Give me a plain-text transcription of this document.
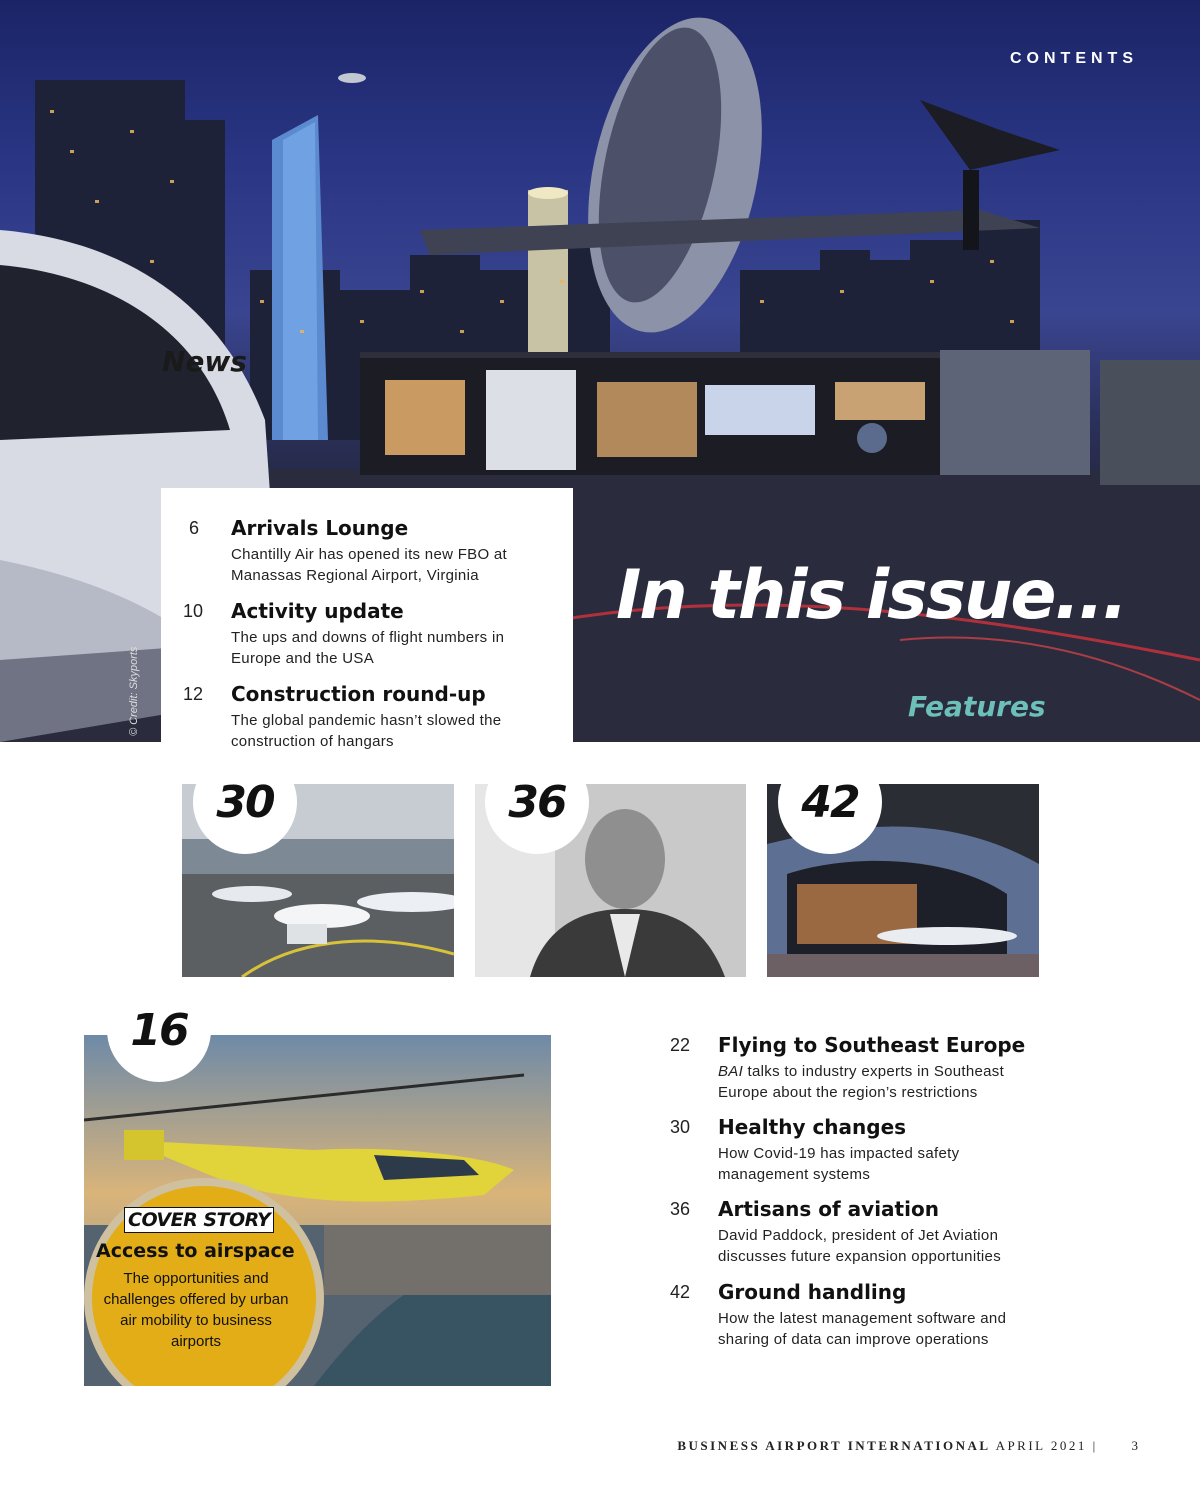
© Credit: Skyports
CONTENTS
News
In this issue...
Features
6 Arrivals Lounge
Chantilly Air has opened its new FBO at Manassas Regional Airport, Virginia
10 Activity update
The ups and downs of flight numbers in Europe and the USA
12 Construction round-up
The global pandemic hasn’t slowed the construction of hangars
30	36	42
16
COVER STORY
Access to airspace
The opportunities and challenges offered by urban air mobility to business airports
22 Flying to Southeast Europe
BAI talks to industry experts in Southeast Europe about the region’s restrictions
30 Healthy changes
How Covid-19 has impacted safety management systems
36 Artisans of aviation
David Paddock, president of Jet Aviation discusses future expansion opportunities
42 Ground handling
How the latest management software and sharing of data can improve operations
BUSINESS AIRPORT INTERNATIONAL APRIL 2021 |	3
